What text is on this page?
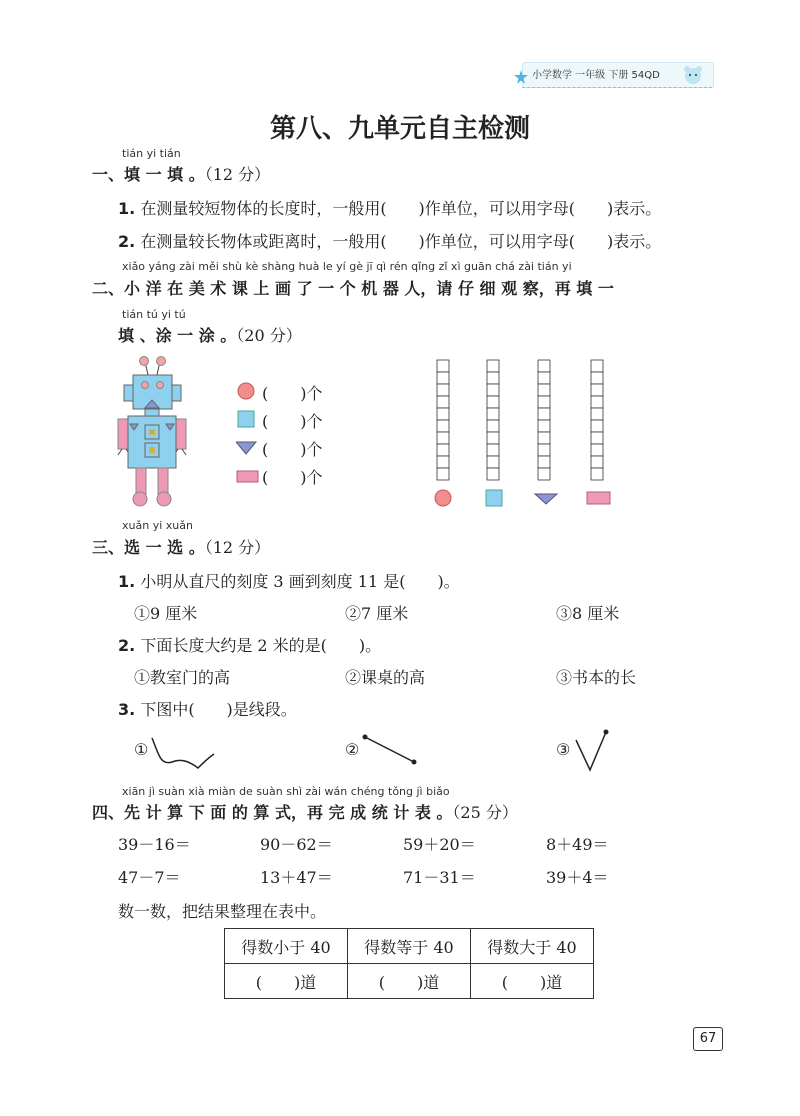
小学数学 一年级 下册 54QD
第八、九单元自主检测
tián yi tián
一、填 一 填 。（12 分）
1. 在测量较短物体的长度时，一般用(　　)作单位，可以用字母(　　)表示。
2. 在测量较长物体或距离时，一般用(　　)作单位，可以用字母(　　)表示。
xiǎo yáng zài měi shù kè shàng huà le yí gè jī qì rén qǐng zǐ xì guān chá zài tián yi
二、小 洋 在 美 术 课 上 画 了 一 个 机 器 人，请 仔 细 观 察，再 填 一
tián tú yi tú
填 、涂 一 涂 。（20 分）
(　　)个
(　　)个
(　　)个
(　　)个
xuǎn yi xuǎn
三、选 一 选 。（12 分）
1. 小明从直尺的刻度 3 画到刻度 11 是(　　)。
①9 厘米	②7 厘米	③8 厘米
2. 下面长度大约是 2 米的是(　　)。
①教室门的高	②课桌的高	③书本的长
3. 下图中(　　)是线段。
①	②	③
xiān jì suàn xià miàn de suàn shì zài wán chéng tǒng jì biǎo
四、先 计 算 下 面 的 算 式，再 完 成 统 计 表 。（25 分）
39－16＝	90－62＝	59＋20＝	8＋49＝
47－7＝	13＋47＝	71－31＝	39＋4＝
数一数，把结果整理在表中。
得数小于 40	得数等于 40	得数大于 40
(　　)道	(　　)道	(　　)道
67
